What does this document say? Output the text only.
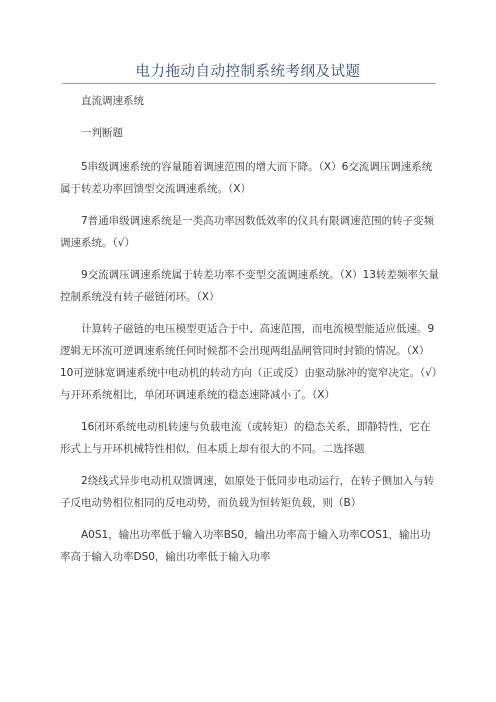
电力拖动自动控制系统考纲及试题

直流调速系统

一判断题

5串级调速系统的容量随着调速范围的增大而下降。（X）6交流调压调速系统属于转差功率回馈型交流调速系统。（X）

7普通串级调速系统是一类高功率因数低效率的仪具有限调速范围的转子变频调速系统。（√）

9交流调压调速系统属于转差功率不变型交流调速系统。（X）13转差频率矢量控制系统没有转子磁链闭环。（X）

计算转子磁链的电压模型更适合于中、高速范围，而电流模型能适应低速。9逻辑无环流可逆调速系统任何时候都不会出现两组晶闸管同时封锁的情况。（X）10可逆脉宽调速系统中电动机的转动方向（正或反）由驱动脉冲的宽窄决定。（√）与开环系统相比，单闭环调速系统的稳态速降减小了。（X）

16闭环系统电动机转速与负载电流（或转矩）的稳态关系，即静特性，它在形式上与开环机械特性相似，但本质上却有很大的不同。二选择题

2绕线式异步电动机双馈调速，如原处于低同步电动运行，在转子侧加入与转子反电动势相位相同的反电动势，而负载为恒转矩负载，则（B）

A0S1，输出功率低于输入功率BS0，输出功率高于输入功率COS1，输出功率高于输入功率DS0，输出功率低于输入功率
